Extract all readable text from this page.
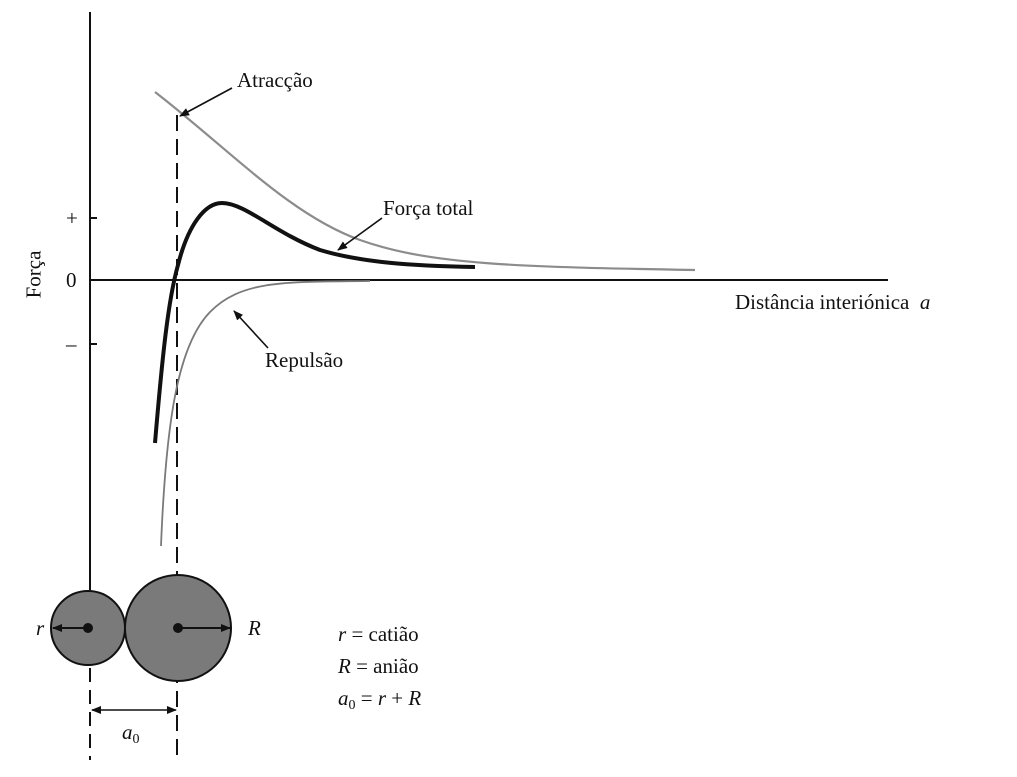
Força
+
0
–
Distância interiónica a
Atracção
Força total
Repulsão
r	R
$a_0$
r = catião
R = anião
$a_0 = r + R$
